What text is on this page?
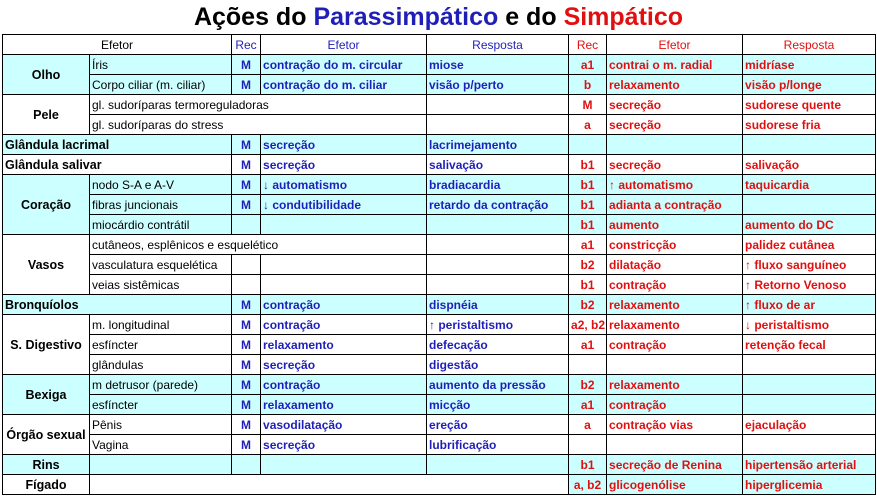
Ações do Parassimpático e do Simpático
Efetor		Rec	Efetor	Resposta	Rec	Efetor	Resposta
Olho	Íris	M	contração do m. circular	miose	a1	contrai o m. radial	midríase
	Corpo ciliar (m. ciliar)	M	contração do m. ciliar	visão p/perto	b	relaxamento	visão p/longe
Pele	gl. sudoríparas termoreguladoras				M	secreção	sudorese quente
	gl. sudoríparas do stress				a	secreção	sudorese fria
Glândula lacrimal		M	secreção	lacrimejamento			
Glândula salivar		M	secreção	salivação	b1	secreção	salivação
Coração	nodo S-A e A-V	M	↓ automatismo	bradiacardia	b1	↑ automatismo	taquicardia
	fibras juncionais	M	↓ condutibilidade	retardo da contração	b1	adianta a contração	
	miocárdio contrátil				b1	aumento	aumento do DC
Vasos	cutâneos, esplênicos e esquelético				a1	constricção	palidez cutânea
	vasculatura esquelética				b2	dilatação	↑ fluxo sanguíneo
	veias sistêmicas				b1	contração	↑ Retorno Venoso
Bronquíolos		M	contração	dispnéia	b2	relaxamento	↑ fluxo de ar
S. Digestivo	m. longitudinal	M	contração	↑ peristaltismo	a2, b2	relaxamento	↓ peristaltismo
	esfíncter	M	relaxamento	defecação	a1	contração	retenção fecal
	glândulas	M	secreção	digestão			
Bexiga	m detrusor (parede)	M	contração	aumento da pressão	b2	relaxamento	
	esfíncter	M	relaxamento	micção	a1	contração	
Órgão sexual	Pênis	M	vasodilatação	ereção	a	contração vias	ejaculação
	Vagina	M	secreção	lubrificação			
Rins					b1	secreção de Renina	hipertensão arterial
Fígado					a, b2	glicogenólise	hiperglicemia
